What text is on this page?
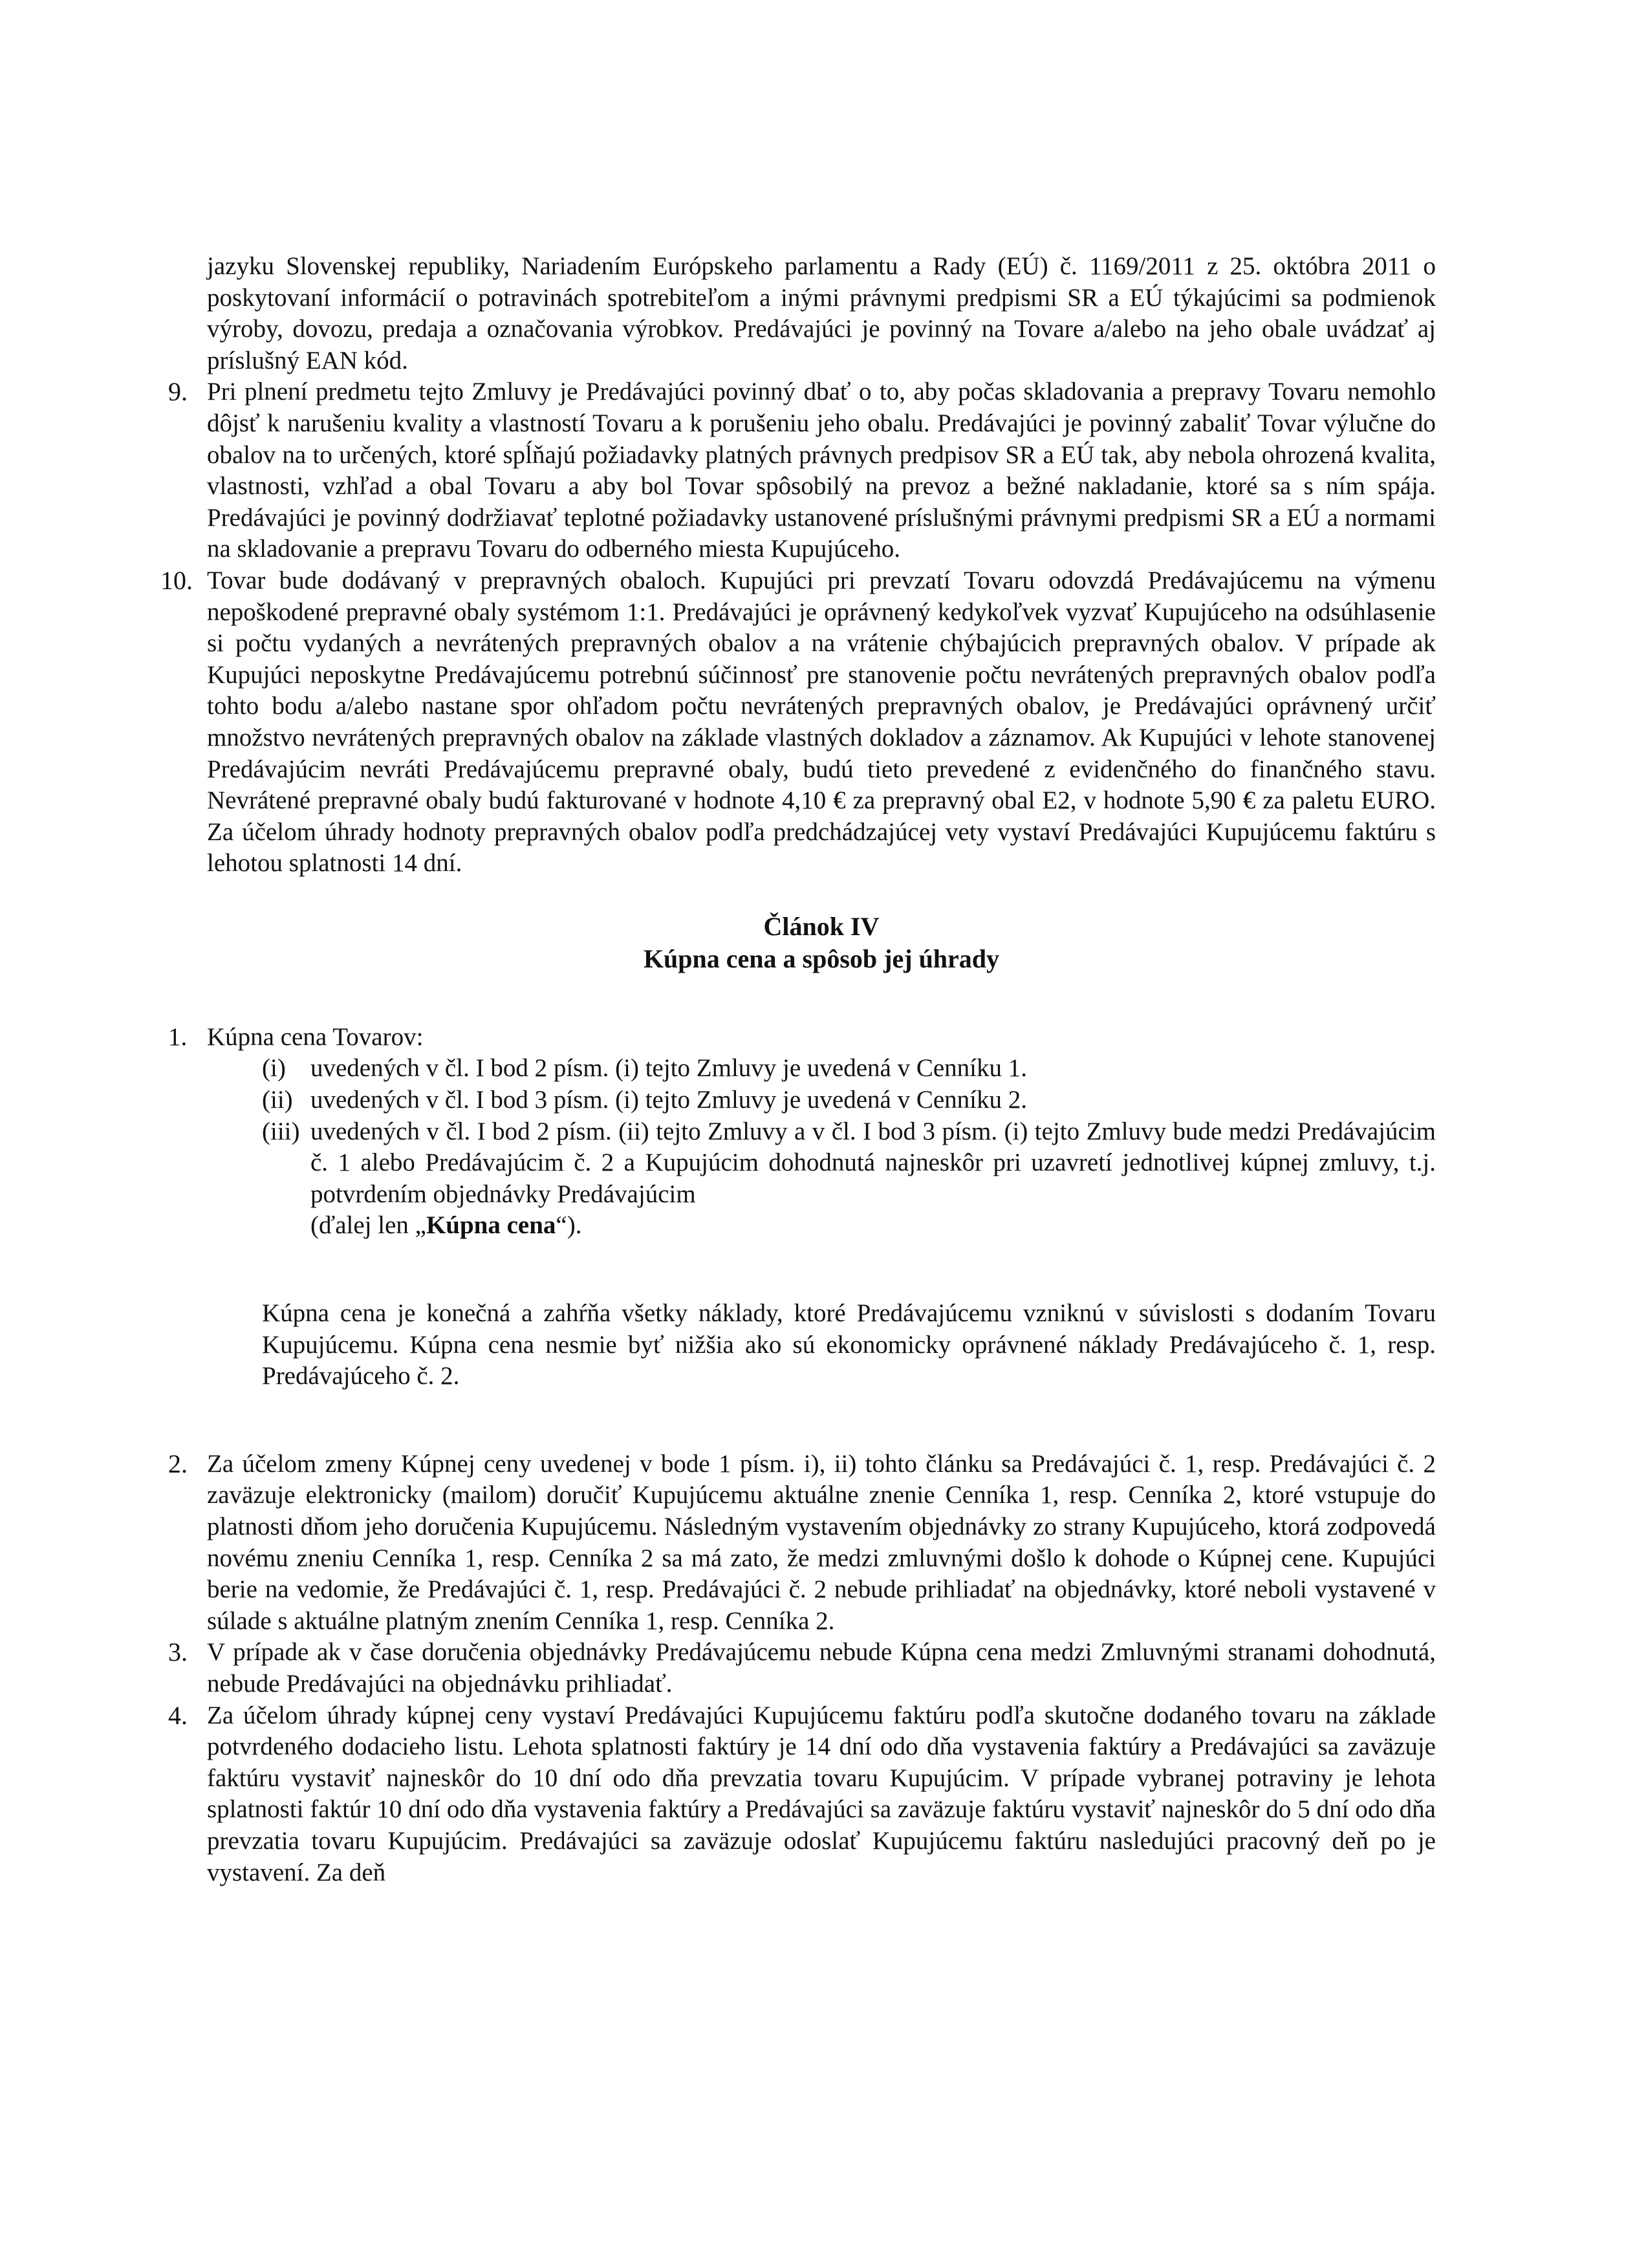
jazyku Slovenskej republiky, Nariadením Európskeho parlamentu a Rady (EÚ) č. 1169/2011 z 25. októbra 2011 o poskytovaní informácií o potravinách spotrebiteľom a inými právnymi predpismi SR a EÚ týkajúcimi sa podmienok výroby, dovozu, predaja a označovania výrobkov. Predávajúci je povinný na Tovare a/alebo na jeho obale uvádzať aj príslušný EAN kód.

9. Pri plnení predmetu tejto Zmluvy je Predávajúci povinný dbať o to, aby počas skladovania a prepravy Tovaru nemohlo dôjsť k narušeniu kvality a vlastností Tovaru a k porušeniu jeho obalu. Predávajúci je povinný zabaliť Tovar výlučne do obalov na to určených, ktoré spĺňajú požiadavky platných právnych predpisov SR a EÚ tak, aby nebola ohrozená kvalita, vlastnosti, vzhľad a obal Tovaru a aby bol Tovar spôsobilý na prevoz a bežné nakladanie, ktoré sa s ním spája. Predávajúci je povinný dodržiavať teplotné požiadavky ustanovené príslušnými právnymi predpismi SR a EÚ a normami na skladovanie a prepravu Tovaru do odberného miesta Kupujúceho.
10. Tovar bude dodávaný v prepravných obaloch. Kupujúci pri prevzatí Tovaru odovzdá Predávajúcemu na výmenu nepoškodené prepravné obaly systémom 1:1. Predávajúci je oprávnený kedykoľvek vyzvať Kupujúceho na odsúhlasenie si počtu vydaných a nevrátených prepravných obalov a na vrátenie chýbajúcich prepravných obalov. V prípade ak Kupujúci neposkytne Predávajúcemu potrebnú súčinnosť pre stanovenie počtu nevrátených prepravných obalov podľa tohto bodu a/alebo nastane spor ohľadom počtu nevrátených prepravných obalov, je Predávajúci oprávnený určiť množstvo nevrátených prepravných obalov na základe vlastných dokladov a záznamov. Ak Kupujúci v lehote stanovenej Predávajúcim nevráti Predávajúcemu prepravné obaly, budú tieto prevedené z evidenčného do finančného stavu. Nevrátené prepravné obaly budú fakturované v hodnote 4,10 € za prepravný obal E2, v hodnote 5,90 € za paletu EURO. Za účelom úhrady hodnoty prepravných obalov podľa predchádzajúcej vety vystaví Predávajúci Kupujúcemu faktúru s lehotou splatnosti 14 dní.

Článok IV

Kúpna cena a spôsob jej úhrady

1. Kúpna cena Tovarov:
(i) uvedených v čl. I bod 2 písm. (i) tejto Zmluvy je uvedená v Cenníku 1.
(ii) uvedených v čl. I bod 3 písm. (i) tejto Zmluvy je uvedená v Cenníku 2.
(iii) uvedených v čl. I bod 2 písm. (ii) tejto Zmluvy a v čl. I bod 3 písm. (i) tejto Zmluvy bude medzi Predávajúcim č. 1 alebo Predávajúcim č. 2 a Kupujúcim dohodnutá najneskôr pri uzavretí jednotlivej kúpnej zmluvy, t.j. potvrdením objednávky Predávajúcim
(ďalej len „Kúpna cena“).

Kúpna cena je konečná a zahŕňa všetky náklady, ktoré Predávajúcemu vzniknú v súvislosti s dodaním Tovaru Kupujúcemu. Kúpna cena nesmie byť nižšia ako sú ekonomicky oprávnené náklady Predávajúceho č. 1, resp. Predávajúceho č. 2.

2. Za účelom zmeny Kúpnej ceny uvedenej v bode 1 písm. i), ii) tohto článku sa Predávajúci č. 1, resp. Predávajúci č. 2 zaväzuje elektronicky (mailom) doručiť Kupujúcemu aktuálne znenie Cenníka 1, resp. Cenníka 2, ktoré vstupuje do platnosti dňom jeho doručenia Kupujúcemu. Následným vystavením objednávky zo strany Kupujúceho, ktorá zodpovedá novému zneniu Cenníka 1, resp. Cenníka 2 sa má zato, že medzi zmluvnými došlo k dohode o Kúpnej cene. Kupujúci berie na vedomie, že Predávajúci č. 1, resp. Predávajúci č. 2 nebude prihliadať na objednávky, ktoré neboli vystavené v súlade s aktuálne platným znením Cenníka 1, resp. Cenníka 2.
3. V prípade ak v čase doručenia objednávky Predávajúcemu nebude Kúpna cena medzi Zmluvnými stranami dohodnutá, nebude Predávajúci na objednávku prihliadať.
4. Za účelom úhrady kúpnej ceny vystaví Predávajúci Kupujúcemu faktúru podľa skutočne dodaného tovaru na základe potvrdeného dodacieho listu. Lehota splatnosti faktúry je 14 dní odo dňa vystavenia faktúry a Predávajúci sa zaväzuje faktúru vystaviť najneskôr do 10 dní odo dňa prevzatia tovaru Kupujúcim. V prípade vybranej potraviny je lehota splatnosti faktúr 10 dní odo dňa vystavenia faktúry a Predávajúci sa zaväzuje faktúru vystaviť najneskôr do 5 dní odo dňa prevzatia tovaru Kupujúcim. Predávajúci sa zaväzuje odoslať Kupujúcemu faktúru nasledujúci pracovný deň po je vystavení. Za deň
